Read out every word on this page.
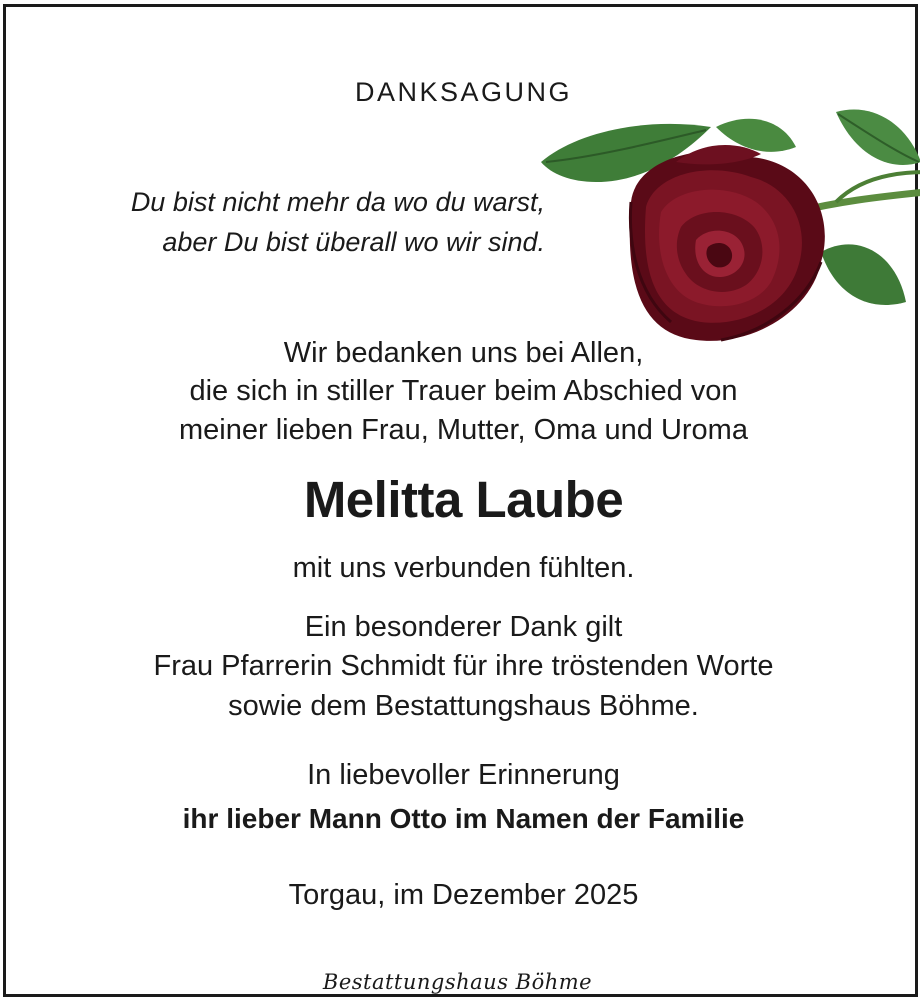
DANKSAGUNG
Du bist nicht mehr da wo du warst,
aber Du bist überall wo wir sind.
Wir bedanken uns bei Allen,
die sich in stiller Trauer beim Abschied von
meiner lieben Frau, Mutter, Oma und Uroma
Melitta Laube
mit uns verbunden fühlten.
Ein besonderer Dank gilt
Frau Pfarrerin Schmidt für ihre tröstenden Worte
sowie dem Bestattungshaus Böhme.
In liebevoller Erinnerung
ihr lieber Mann Otto im Namen der Familie
Torgau, im Dezember 2025
Bestattungshaus Böhme
